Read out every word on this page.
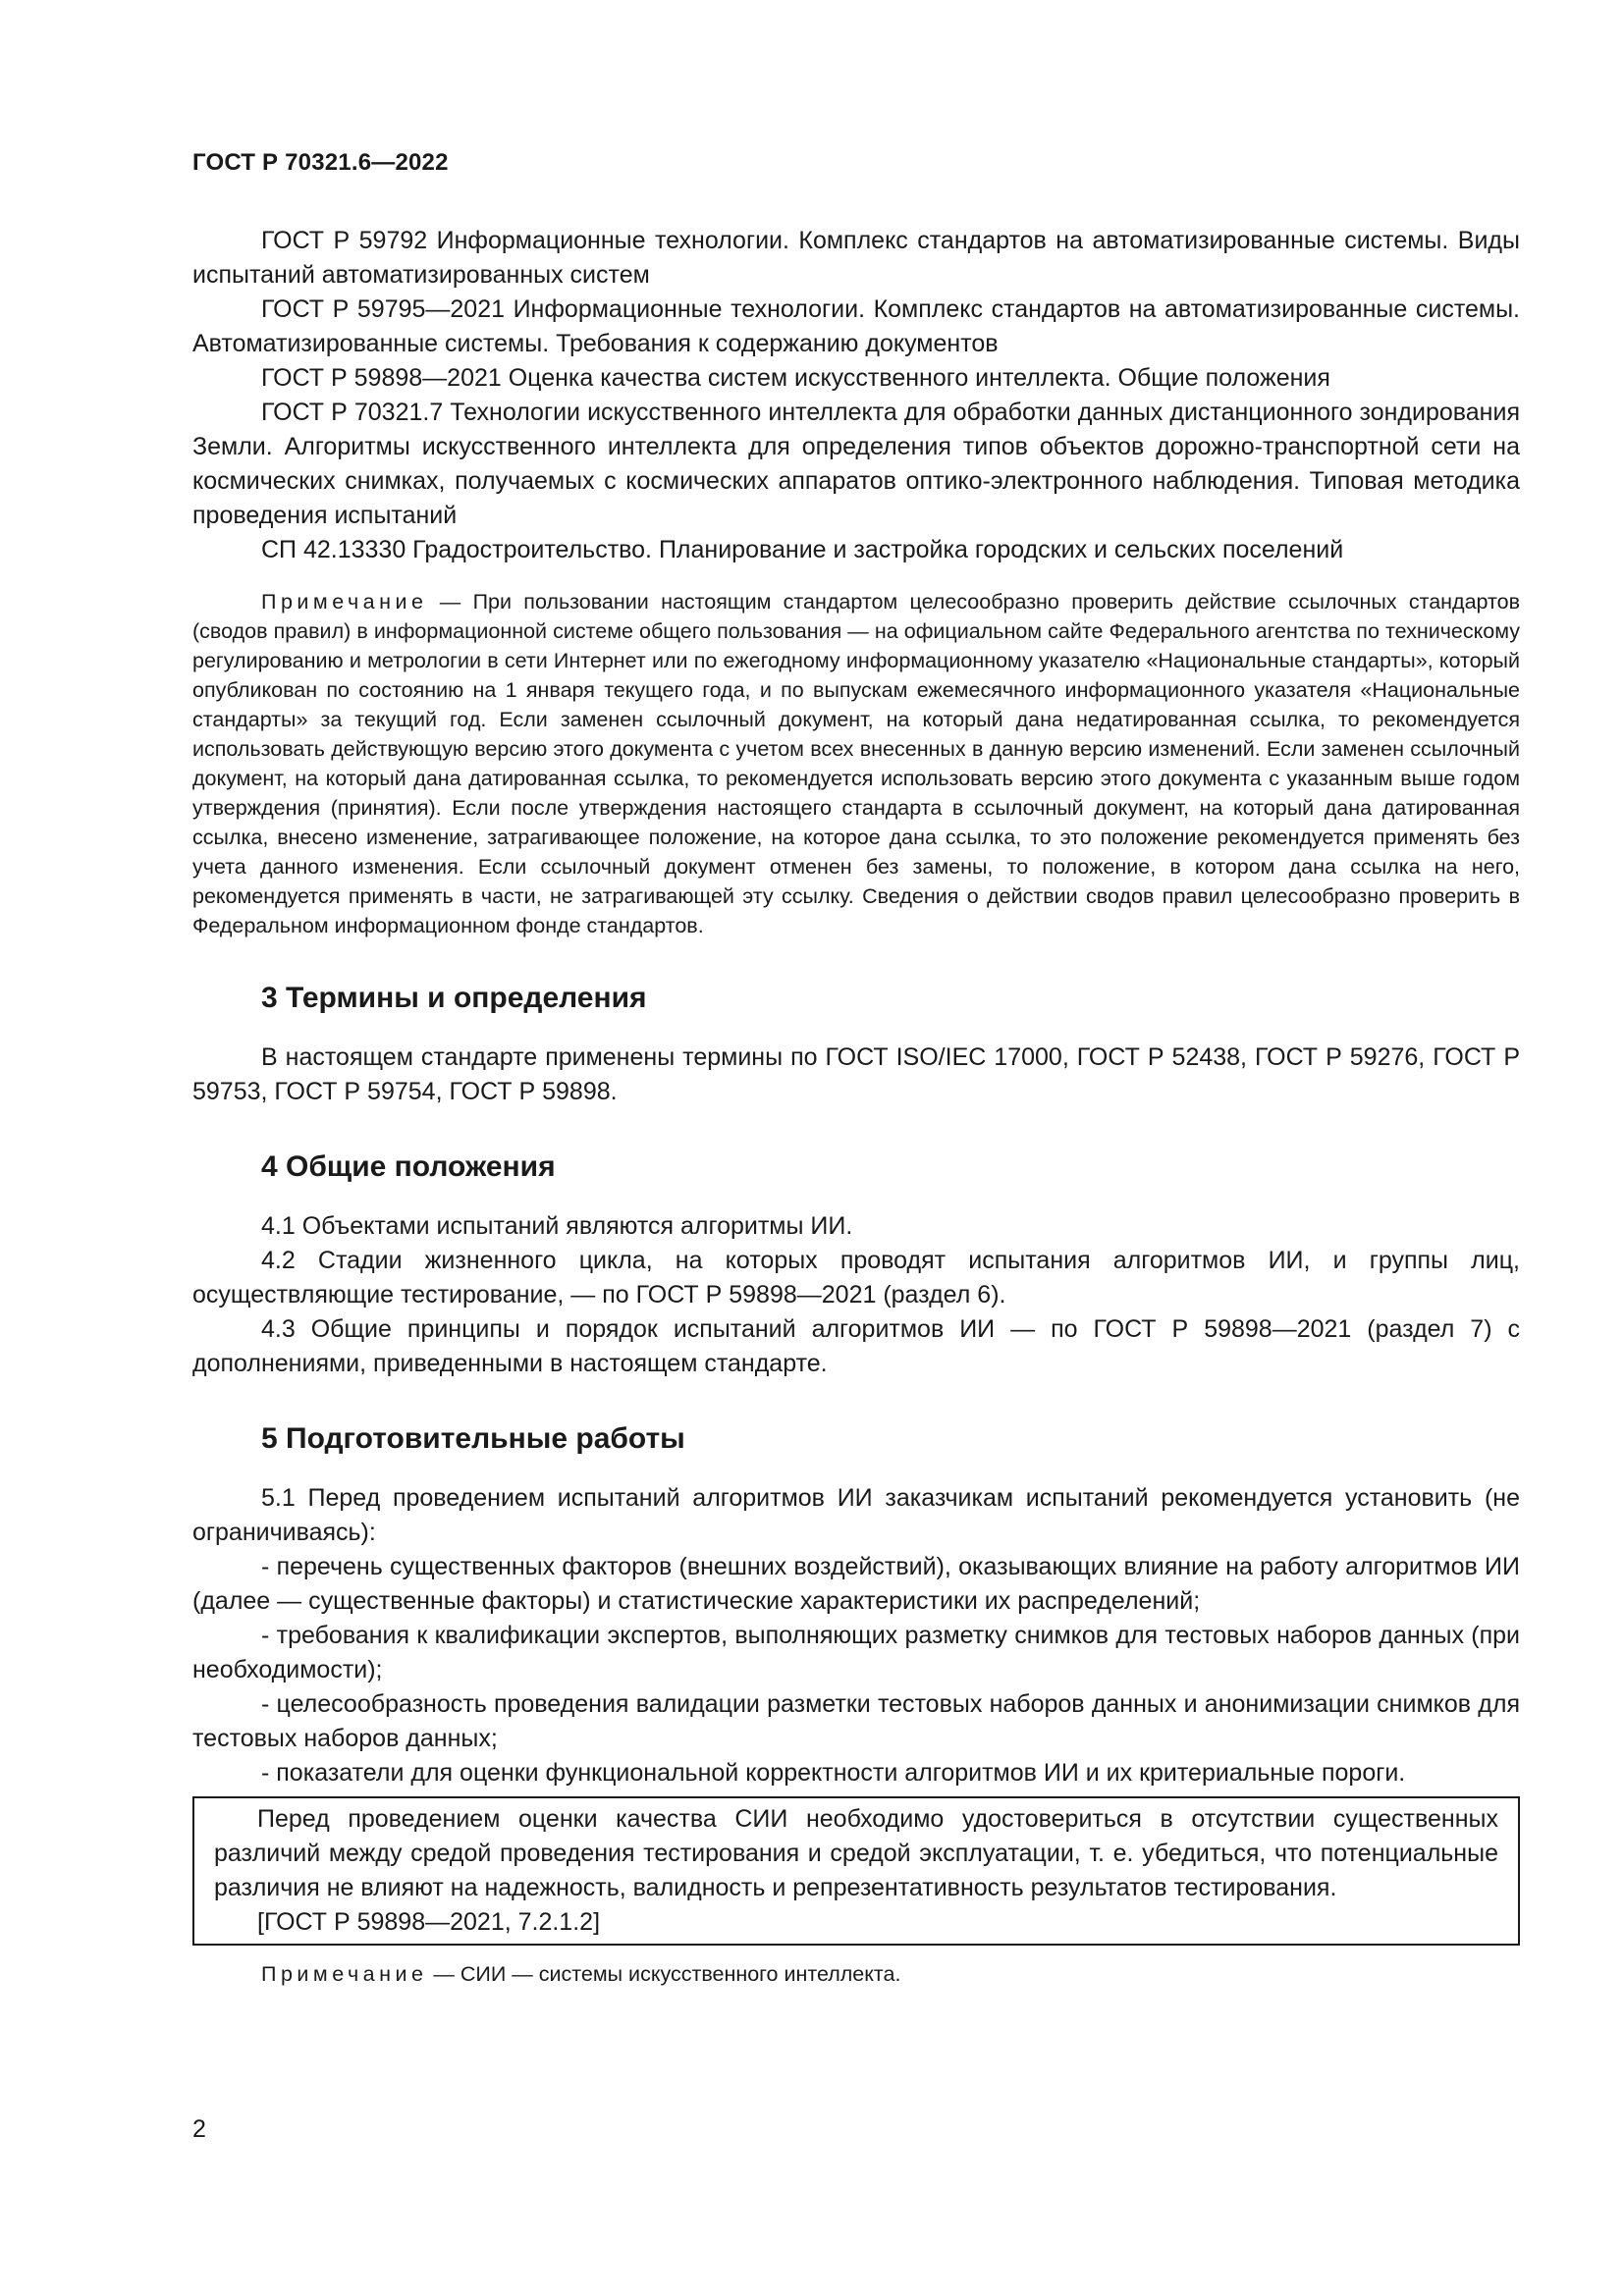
ГОСТ Р 70321.6—2022

ГОСТ Р 59792 Информационные технологии. Комплекс стандартов на автоматизированные системы. Виды испытаний автоматизированных систем

ГОСТ Р 59795—2021 Информационные технологии. Комплекс стандартов на автоматизированные системы. Автоматизированные системы. Требования к содержанию документов

ГОСТ Р 59898—2021 Оценка качества систем искусственного интеллекта. Общие положения

ГОСТ Р 70321.7 Технологии искусственного интеллекта для обработки данных дистанционного зондирования Земли. Алгоритмы искусственного интеллекта для определения типов объектов дорожно-транспортной сети на космических снимках, получаемых с космических аппаратов оптико-электронного наблюдения. Типовая методика проведения испытаний

СП 42.13330 Градостроительство. Планирование и застройка городских и сельских поселений

Примечание — При пользовании настоящим стандартом целесообразно проверить действие ссылочных стандартов (сводов правил) в информационной системе общего пользования — на официальном сайте Федерального агентства по техническому регулированию и метрологии в сети Интернет или по ежегодному информационному указателю «Национальные стандарты», который опубликован по состоянию на 1 января текущего года, и по выпускам ежемесячного информационного указателя «Национальные стандарты» за текущий год. Если заменен ссылочный документ, на который дана недатированная ссылка, то рекомендуется использовать действующую версию этого документа с учетом всех внесенных в данную версию изменений. Если заменен ссылочный документ, на который дана датированная ссылка, то рекомендуется использовать версию этого документа с указанным выше годом утверждения (принятия). Если после утверждения настоящего стандарта в ссылочный документ, на который дана датированная ссылка, внесено изменение, затрагивающее положение, на которое дана ссылка, то это положение рекомендуется применять без учета данного изменения. Если ссылочный документ отменен без замены, то положение, в котором дана ссылка на него, рекомендуется применять в части, не затрагивающей эту ссылку. Сведения о действии сводов правил целесообразно проверить в Федеральном информационном фонде стандартов.

3 Термины и определения

В настоящем стандарте применены термины по ГОСТ ISO/IEC 17000, ГОСТ Р 52438, ГОСТ Р 59276, ГОСТ Р 59753, ГОСТ Р 59754, ГОСТ Р 59898.

4 Общие положения

4.1 Объектами испытаний являются алгоритмы ИИ.

4.2 Стадии жизненного цикла, на которых проводят испытания алгоритмов ИИ, и группы лиц, осуществляющие тестирование, — по ГОСТ Р 59898—2021 (раздел 6).

4.3 Общие принципы и порядок испытаний алгоритмов ИИ — по ГОСТ Р 59898—2021 (раздел 7) с дополнениями, приведенными в настоящем стандарте.

5 Подготовительные работы

5.1 Перед проведением испытаний алгоритмов ИИ заказчикам испытаний рекомендуется установить (не ограничиваясь):

- перечень существенных факторов (внешних воздействий), оказывающих влияние на работу алгоритмов ИИ (далее — существенные факторы) и статистические характеристики их распределений;

- требования к квалификации экспертов, выполняющих разметку снимков для тестовых наборов данных (при необходимости);

- целесообразность проведения валидации разметки тестовых наборов данных и анонимизации снимков для тестовых наборов данных;

- показатели для оценки функциональной корректности алгоритмов ИИ и их критериальные пороги.

Перед проведением оценки качества СИИ необходимо удостовериться в отсутствии существенных различий между средой проведения тестирования и средой эксплуатации, т. е. убедиться, что потенциальные различия не влияют на надежность, валидность и репрезентативность результатов тестирования.

[ГОСТ Р 59898—2021, 7.2.1.2]

Примечание — СИИ — системы искусственного интеллекта.

2
